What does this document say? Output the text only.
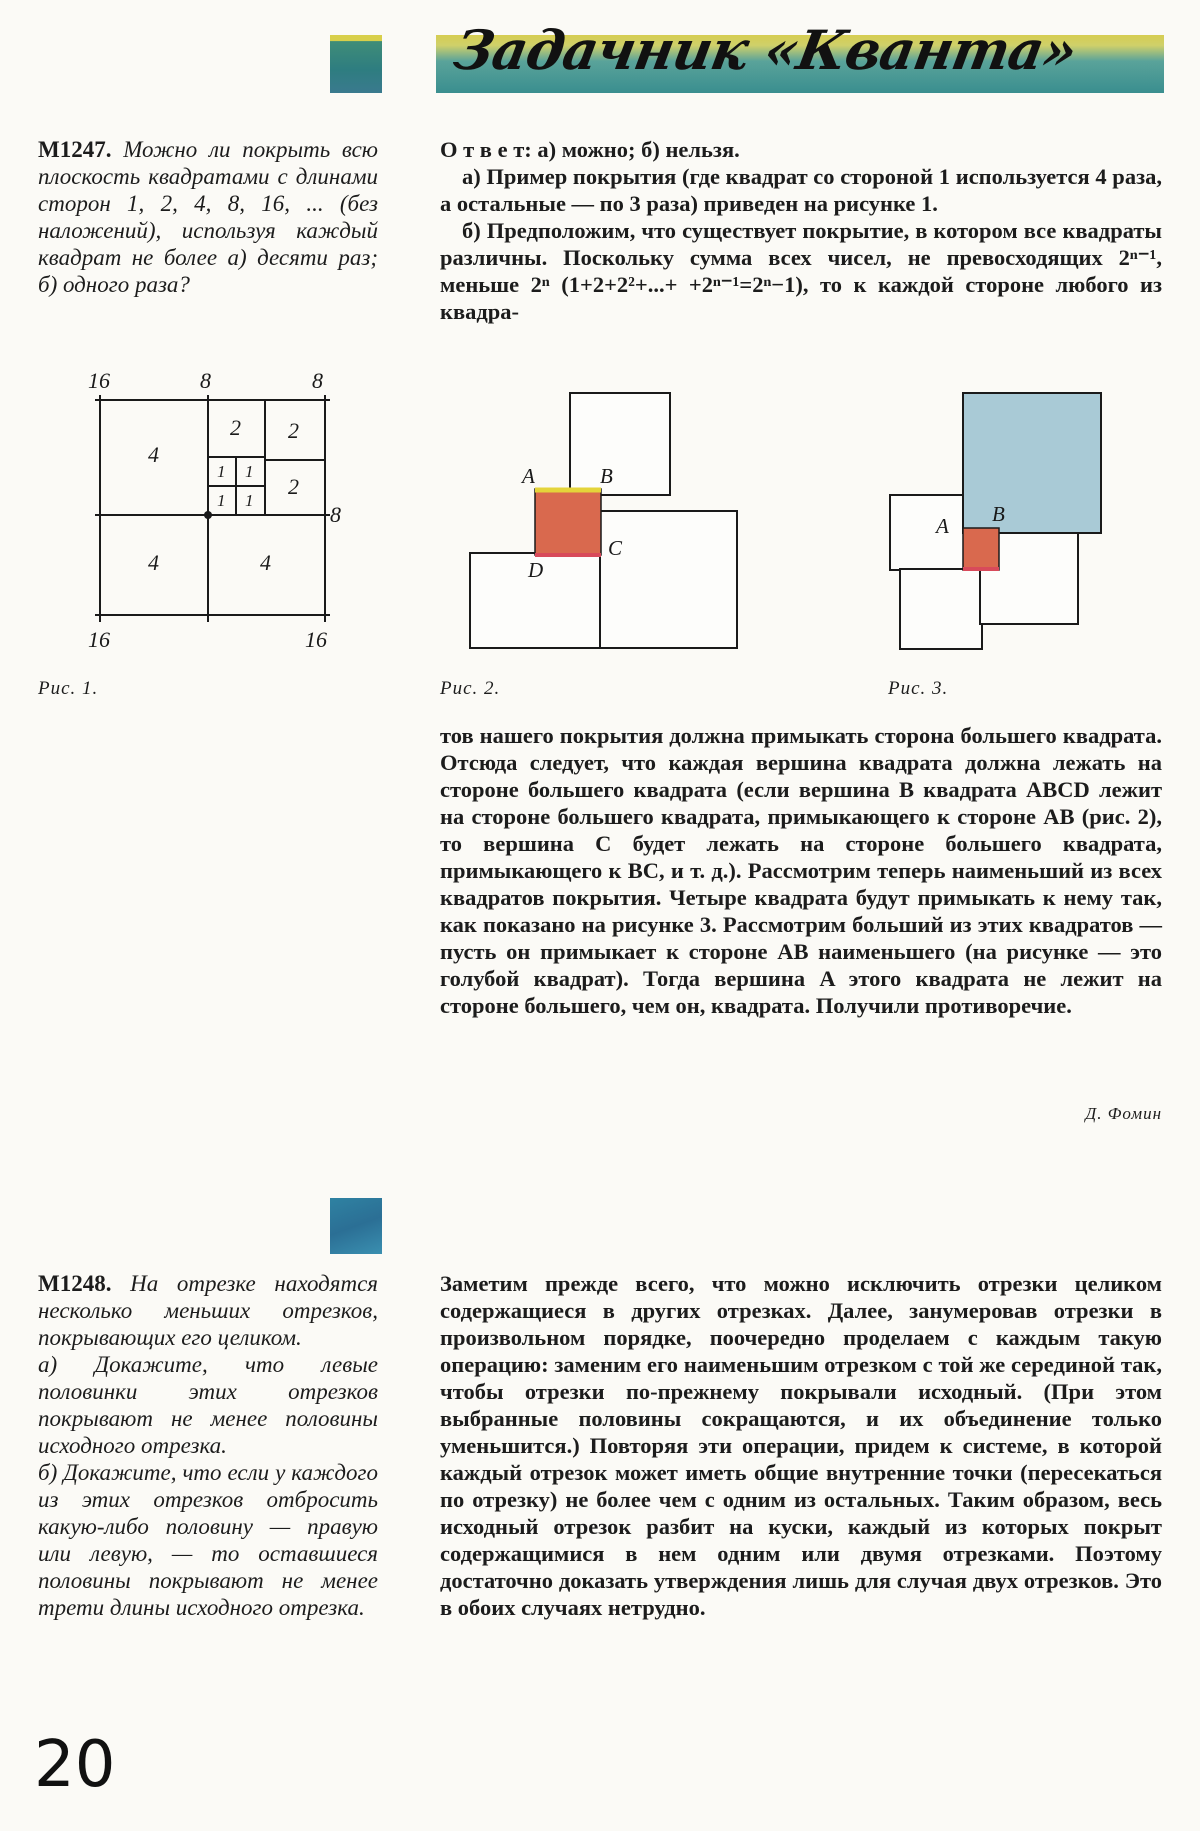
Задачник «Кванта»
M1247. Можно ли покрыть всю плоскость квадратами с длинами сторон 1, 2, 4, 8, 16, ... (без наложений), используя каждый квадрат не более а) десяти раз; б) одного раза?

О т в е т: а) можно; б) нельзя.

а) Пример покрытия (где квадрат со стороной 1 используется 4 раза, а остальные — по 3 раза) приведен на рисунке 1.

б) Предположим, что существует покрытие, в котором все квадраты различны. Поскольку сумма всех чисел, не превосходящих 2ⁿ⁻¹, меньше 2ⁿ (1+2+2²+...+ +2ⁿ⁻¹=2ⁿ−1), то к каждой стороне любого из квадра-

16	8	8
8
16	16
4
4	4
2 2
2
1 1
1 1
Рис. 1.
A	B
C
D
Рис. 2.
A B
Рис. 3.

тов нашего покрытия должна примыкать сторона большего квадрата. Отсюда следует, что каждая вершина квадрата должна лежать на стороне большего квадрата (если вершина B квадрата ABCD лежит на стороне большего квадрата, примыкающего к стороне AB (рис. 2), то вершина C будет лежать на стороне большего квадрата, примыкающего к BC, и т. д.). Рассмотрим теперь наименьший из всех квадратов покрытия. Четыре квадрата будут примыкать к нему так, как показано на рисунке 3. Рассмотрим больший из этих квадратов — пусть он примыкает к стороне AB наименьшего (на рисунке — это голубой квадрат). Тогда вершина A этого квадрата не лежит на стороне большего, чем он, квадрата. Получили противоречие.

Д. Фомин
M1248. На отрезке находятся несколько меньших отрезков, покрывающих его целиком.
а) Докажите, что левые половинки этих отрезков покрывают не менее половины исходного отрезка.
б) Докажите, что если у каждого из этих отрезков отбросить какую-либо половину — правую или левую, — то оставшиеся половины покрывают не менее трети длины исходного отрезка.

Заметим прежде всего, что можно исключить отрезки целиком содержащиеся в других отрезках. Далее, занумеровав отрезки в произвольном порядке, поочередно проделаем с каждым такую операцию: заменим его наименьшим отрезком с той же серединой так, чтобы отрезки по-прежнему покрывали исходный. (При этом выбранные половины сокращаются, и их объединение только уменьшится.) Повторяя эти операции, придем к системе, в которой каждый отрезок может иметь общие внутренние точки (пересекаться по отрезку) не более чем с одним из остальных. Таким образом, весь исходный отрезок разбит на куски, каждый из которых покрыт содержащимися в нем одним или двумя отрезками. Поэтому достаточно доказать утверждения лишь для случая двух отрезков. Это в обоих случаях нетрудно.

20
